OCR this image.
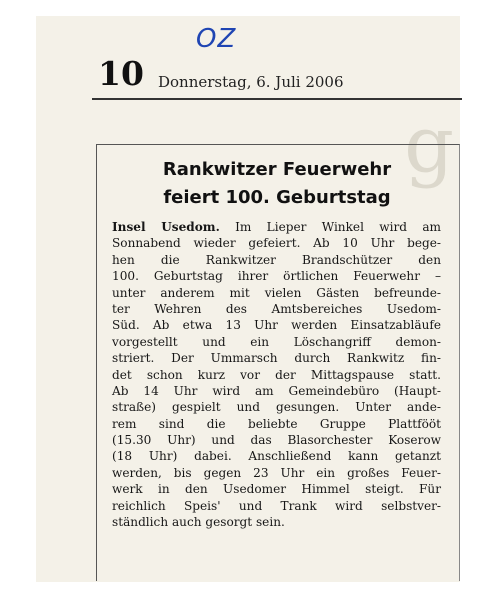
g
OZ
10 Donnerstag, 6. Juli 2006
Rankwitzer Feuerwehr
feiert 100. Geburtstag
Insel Usedom. Im Lieper Winkel wird am
Sonnabend wieder gefeiert. Ab 10 Uhr bege-
hen die Rankwitzer Brandschützer den
100. Geburtstag ihrer örtlichen Feuerwehr –
unter anderem mit vielen Gästen befreunde-
ter Wehren des Amtsbereiches Usedom-
Süd. Ab etwa 13 Uhr werden Einsatzabläufe
vorgestellt und ein Löschangriff demon-
striert. Der Ummarsch durch Rankwitz fin-
det schon kurz vor der Mittagspause statt.
Ab 14 Uhr wird am Gemeindebüro (Haupt-
straße) gespielt und gesungen. Unter ande-
rem sind die beliebte Gruppe Plattfööt
(15.30 Uhr) und das Blasorchester Koserow
(18 Uhr) dabei. Anschließend kann getanzt
werden, bis gegen 23 Uhr ein großes Feuer-
werk in den Usedomer Himmel steigt. Für
reichlich Speis' und Trank wird selbstver-
ständlich auch gesorgt sein.
